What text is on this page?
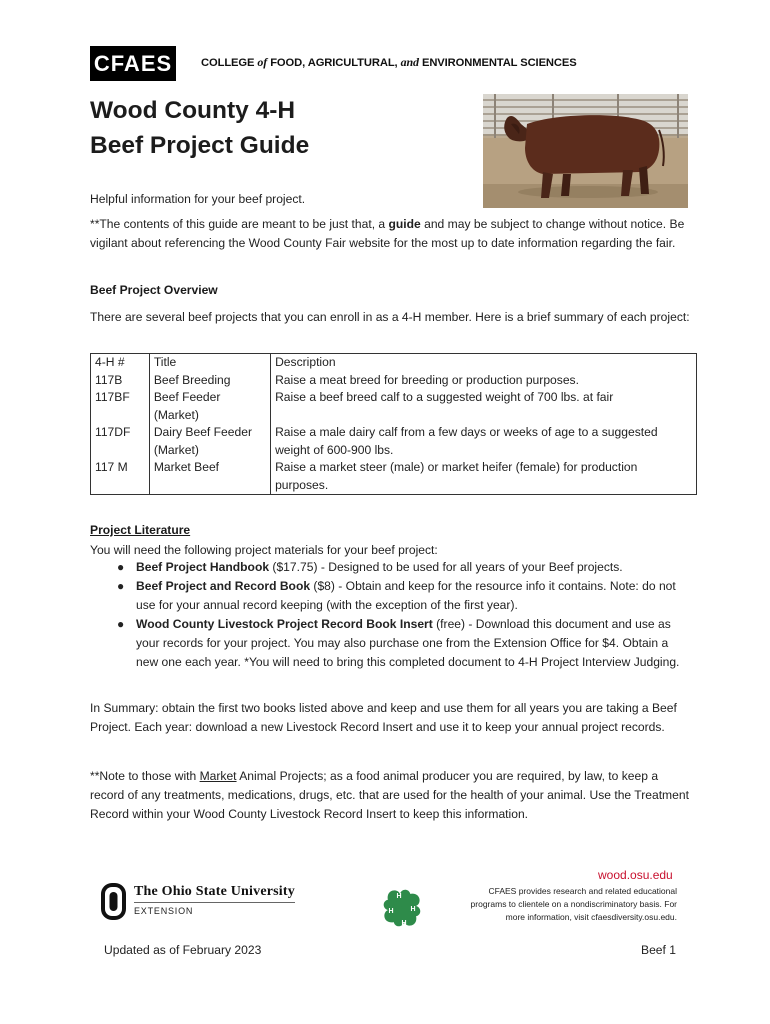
CFAES	COLLEGE of FOOD, AGRICULTURAL, and ENVIRONMENTAL SCIENCES
Wood County 4-H
Beef Project Guide
Helpful information for your beef project.
**The contents of this guide are meant to be just that, a guide and may be subject to change without notice. Be vigilant about referencing the Wood County Fair website for the most up to date information regarding the fair.
Beef Project Overview
There are several beef projects that you can enroll in as a 4-H member. Here is a brief summary of each project:
4-H #	Title	Description
117B	Beef Breeding	Raise a meat breed for breeding or production purposes.
117BF	Beef Feeder (Market)	Raise a beef breed calf to a suggested weight of 700 lbs. at fair
117DF	Dairy Beef Feeder (Market)	Raise a male dairy calf from a few days or weeks of age to a suggested weight of 600-900 lbs.
117 M	Market Beef	Raise a market steer (male) or market heifer (female) for production purposes.
Project Literature
You will need the following project materials for your beef project:
● Beef Project Handbook ($17.75) - Designed to be used for all years of your Beef projects.
● Beef Project and Record Book ($8) - Obtain and keep for the resource info it contains. Note: do not use for your annual record keeping (with the exception of the first year).
● Wood County Livestock Project Record Book Insert (free) - Download this document and use as your records for your project. You may also purchase one from the Extension Office for $4. Obtain a new one each year. *You will need to bring this completed document to 4-H Project Interview Judging.
In Summary: obtain the first two books listed above and keep and use them for all years you are taking a Beef Project. Each year: download a new Livestock Record Insert and use it to keep your annual project records.
**Note to those with Market Animal Projects; as a food animal producer you are required, by law, to keep a record of any treatments, medications, drugs, etc. that are used for the health of your animal. Use the Treatment Record within your Wood County Livestock Record Insert to keep this information.
wood.osu.edu
The Ohio State University
EXTENSION
H
H
H
H
CFAES provides research and related educational programs to clientele on a nondiscriminatory basis. For more information, visit cfaesdiversity.osu.edu.
Updated as of February 2023	Beef 1
